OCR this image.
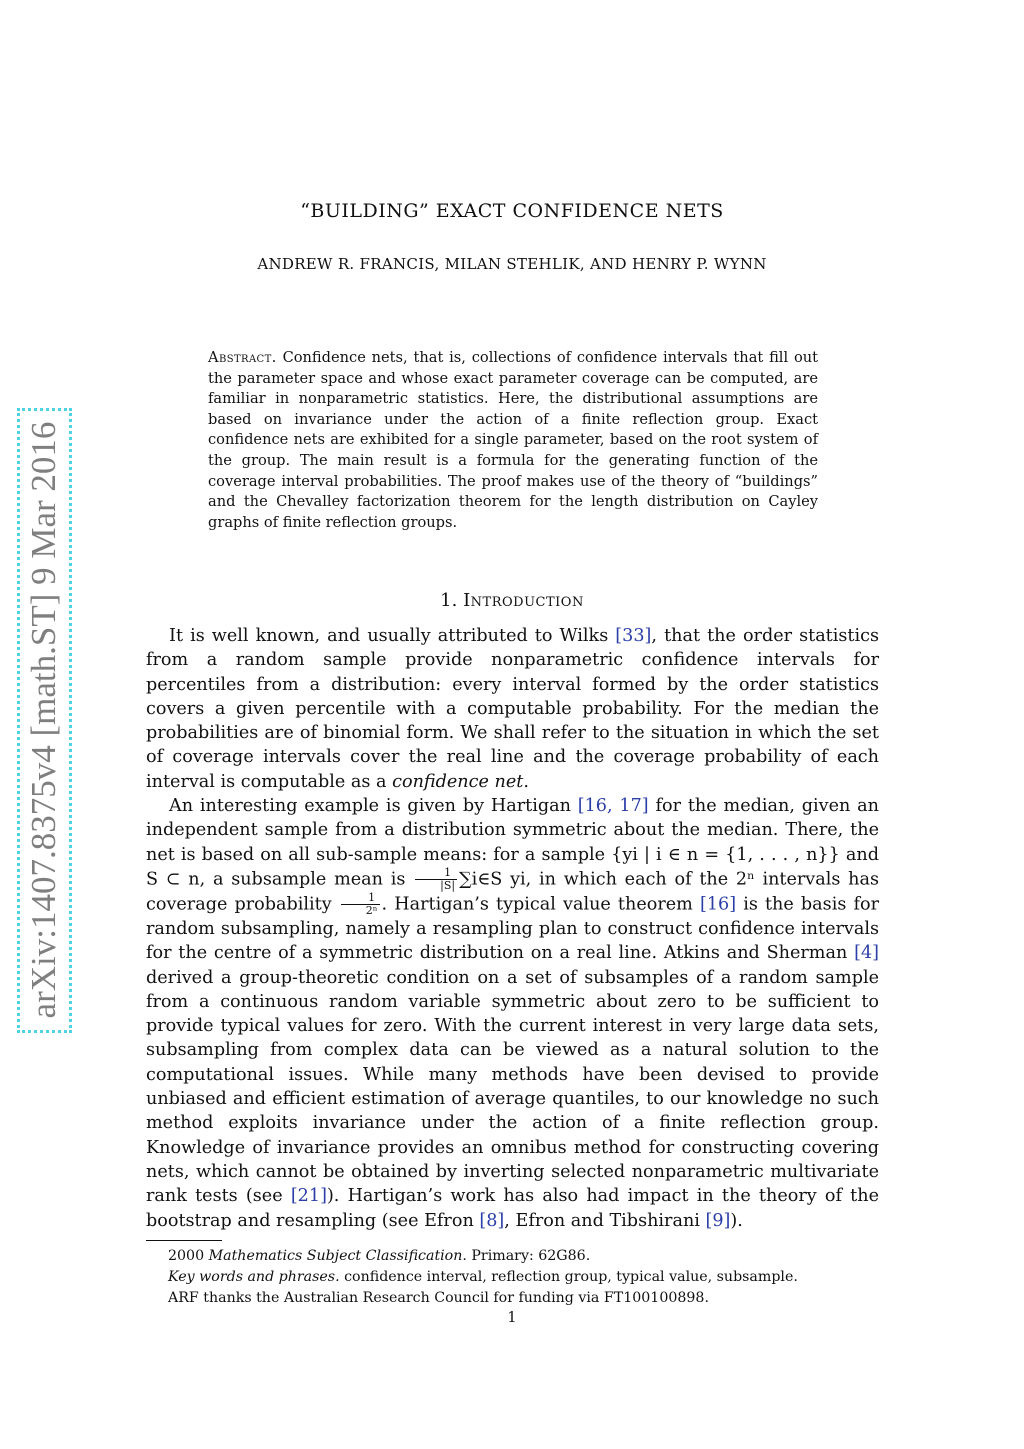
arXiv:1407.8375v4 [math.ST] 9 Mar 2016
“BUILDING” EXACT CONFIDENCE NETS
ANDREW R. FRANCIS, MILAN STEHLIK, AND HENRY P. WYNN
Abstract. Confidence nets, that is, collections of confidence intervals that fill out the parameter space and whose exact parameter coverage can be computed, are familiar in nonparametric statistics. Here, the distributional assumptions are based on invariance under the action of a finite reflection group. Exact confidence nets are exhibited for a single parameter, based on the root system of the group. The main result is a formula for the generating function of the coverage interval probabilities. The proof makes use of the theory of “buildings” and the Chevalley factorization theorem for the length distribution on Cayley graphs of finite reflection groups.
1. Introduction

It is well known, and usually attributed to Wilks [33], that the order statistics from a random sample provide nonparametric confidence intervals for percentiles from a distribution: every interval formed by the order statistics covers a given percentile with a computable probability. For the median the probabilities are of binomial form. We shall refer to the situation in which the set of coverage intervals cover the real line and the coverage probability of each interval is computable as a confidence net.

An interesting example is given by Hartigan [16, 17] for the median, given an independent sample from a distribution symmetric about the median. There, the net is based on all sub-sample means: for a sample {yi | i ∈ n = {1, . . . , n}} and S ⊂ n, a subsample mean is $\frac{1}{|S|}$ ∑i∈S yi, in which each of the 2ⁿ intervals has coverage probability $\frac{1}{\text{2ⁿ}}$ . Hartigan’s typical value theorem [16] is the basis for random subsampling, namely a resampling plan to construct confidence intervals for the centre of a symmetric distribution on a real line. Atkins and Sherman [4] derived a group-theoretic condition on a set of subsamples of a random sample from a continuous random variable symmetric about zero to be sufficient to provide typical values for zero. With the current interest in very large data sets, subsampling from complex data can be viewed as a natural solution to the computational issues. While many methods have been devised to provide unbiased and efficient estimation of average quantiles, to our knowledge no such method exploits invariance under the action of a finite reflection group. Knowledge of invariance provides an omnibus method for constructing covering nets, which cannot be obtained by inverting selected nonparametric multivariate rank tests (see [21]). Hartigan’s work has also had impact in the theory of the bootstrap and resampling (see Efron [8], Efron and Tibshirani [9]).

2000 Mathematics Subject Classification. Primary: 62G86.
Key words and phrases. confidence interval, reflection group, typical value, subsample.
ARF thanks the Australian Research Council for funding via FT100100898.
1
